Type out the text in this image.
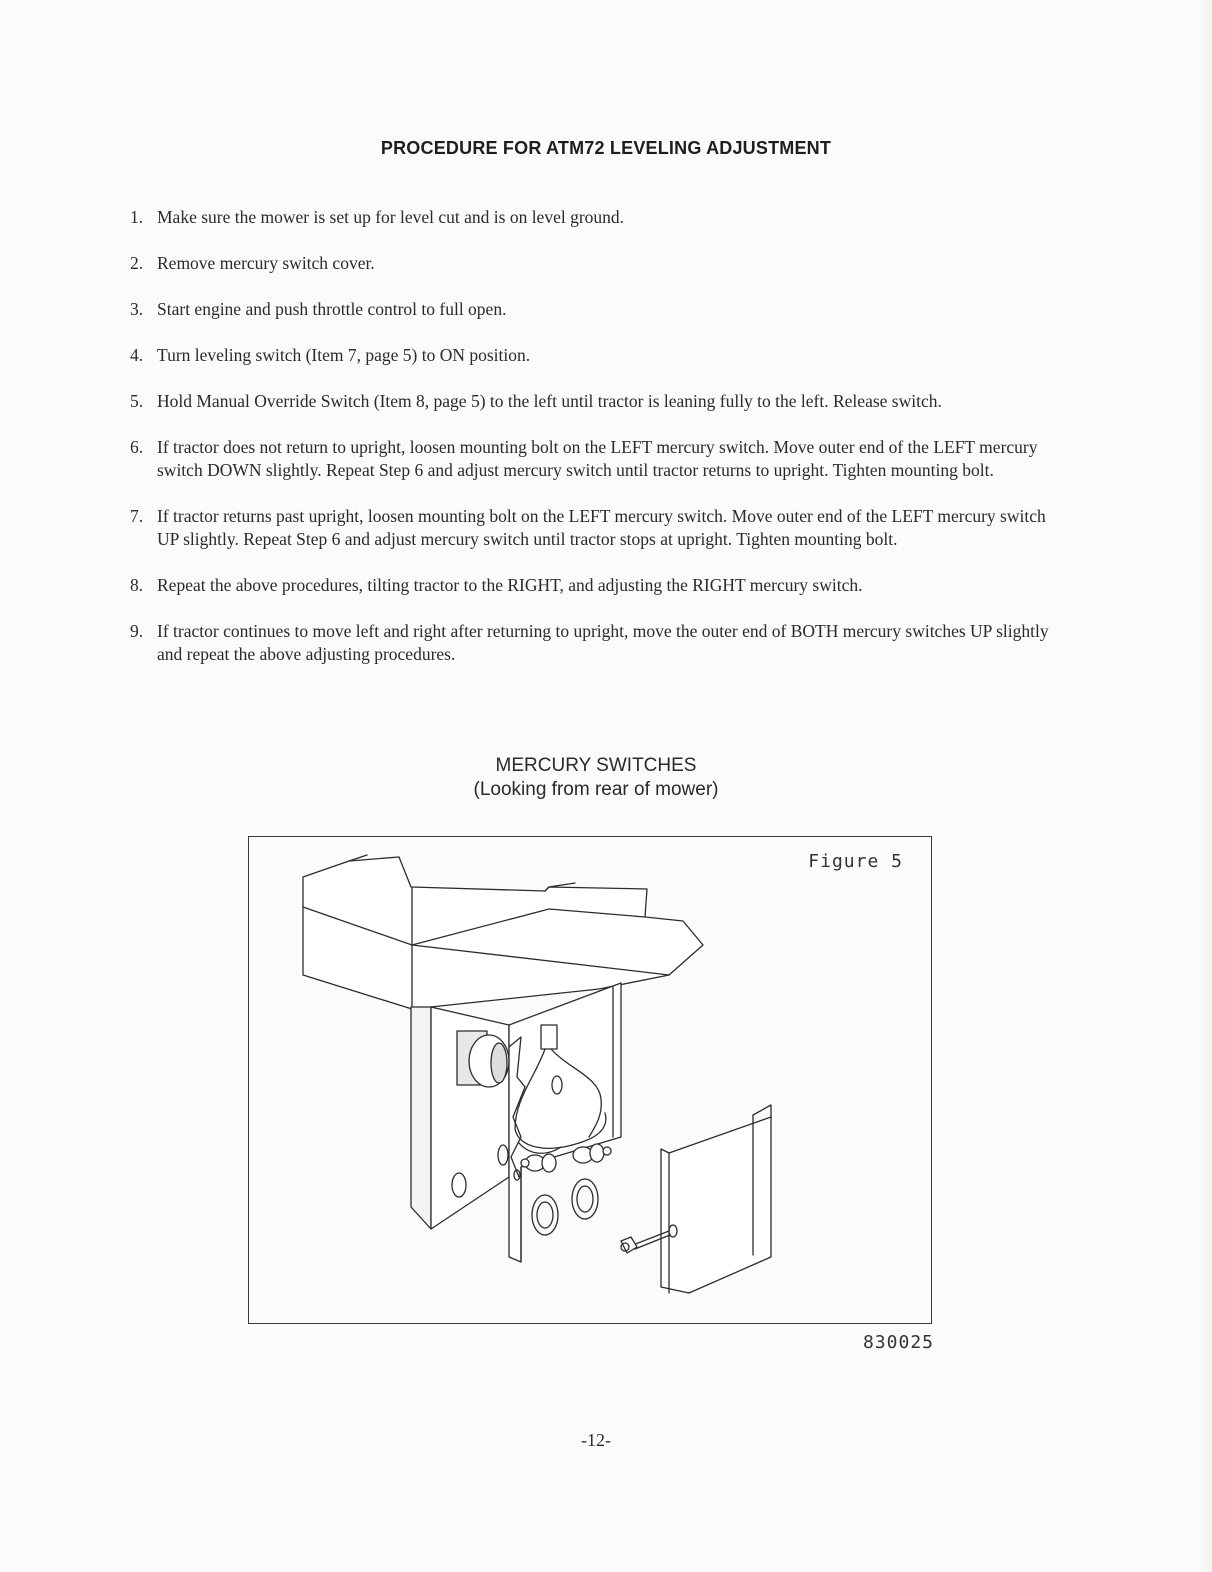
PROCEDURE FOR ATM72 LEVELING ADJUSTMENT
1. Make sure the mower is set up for level cut and is on level ground.
2. Remove mercury switch cover.
3. Start engine and push throttle control to full open.
4. Turn leveling switch (Item 7, page 5) to ON position.
5. Hold Manual Override Switch (Item 8, page 5) to the left until tractor is leaning fully to the left. Release switch.
6. If tractor does not return to upright, loosen mounting bolt on the LEFT mercury switch. Move outer end of the LEFT mercury switch DOWN slightly. Repeat Step 6 and adjust mercury switch until tractor returns to upright. Tighten mounting bolt.
7. If tractor returns past upright, loosen mounting bolt on the LEFT mercury switch. Move outer end of the LEFT mercury switch UP slightly. Repeat Step 6 and adjust mercury switch until tractor stops at upright. Tighten mounting bolt.
8. Repeat the above procedures, tilting tractor to the RIGHT, and adjusting the RIGHT mercury switch.
9. If tractor continues to move left and right after returning to upright, move the outer end of BOTH mercury switches UP slightly and repeat the above adjusting procedures.
MERCURY SWITCHES
(Looking from rear of mower)
Figure 5
830025
-12-
